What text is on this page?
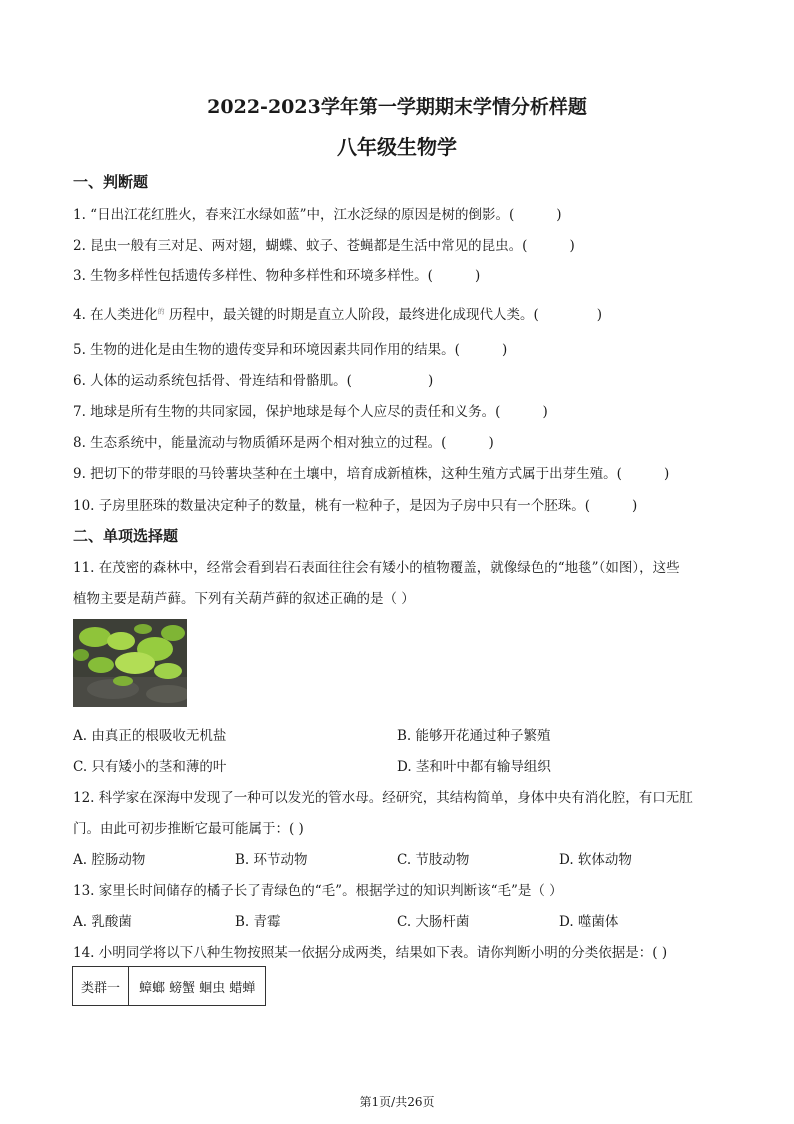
2022-2023学年第一学期期末学情分析样题
八年级生物学
一、判断题
1. “日出江花红胜火，春来江水绿如蓝”中，江水泛绿的原因是树的倒影。(	)
2. 昆虫一般有三对足、两对翅，蝴蝶、蚊子、苍蝇都是生活中常见的昆虫。(	)
3. 生物多样性包括遗传多样性、物种多样性和环境多样性。(	)
4. 在人类进化$^的$ 历程中，最关键的时期是直立人阶段，最终进化成现代人类。(	)
5. 生物的进化是由生物的遗传变异和环境因素共同作用的结果。(	)
6. 人体的运动系统包括骨、骨连结和骨骼肌。(	)
7. 地球是所有生物的共同家园，保护地球是每个人应尽的责任和义务。(	)
8. 生态系统中，能量流动与物质循环是两个相对独立的过程。(	)
9. 把切下的带芽眼的马铃薯块茎种在土壤中，培育成新植株，这种生殖方式属于出芽生殖。(	)
10. 子房里胚珠的数量决定种子的数量，桃有一粒种子，是因为子房中只有一个胚珠。(	)
二、单项选择题
11. 在茂密的森林中，经常会看到岩石表面往往会有矮小的植物覆盖，就像绿色的“地毯”（如图），这些
植物主要是葫芦藓。下列有关葫芦藓的叙述正确的是（ ）
A. 由真正的根吸收无机盐	B. 能够开花通过种子繁殖
C. 只有矮小的茎和薄的叶	D. 茎和叶中都有输导组织
12. 科学家在深海中发现了一种可以发光的管水母。经研究，其结构简单，身体中央有消化腔，有口无肛
门。由此可初步推断它最可能属于：( )
A. 腔肠动物	B. 环节动物	C. 节肢动物	D. 软体动物
13. 家里长时间储存的橘子长了青绿色的“毛”。根据学过的知识判断该“毛”是（ ）
A. 乳酸菌	B. 青霉	C. 大肠杆菌	D. 噬菌体
14. 小明同学将以下八种生物按照某一依据分成两类，结果如下表。请你判断小明的分类依据是：( )
类群一	蟑螂 螃蟹 蛔虫 蜡蝉
第1页/共26页
